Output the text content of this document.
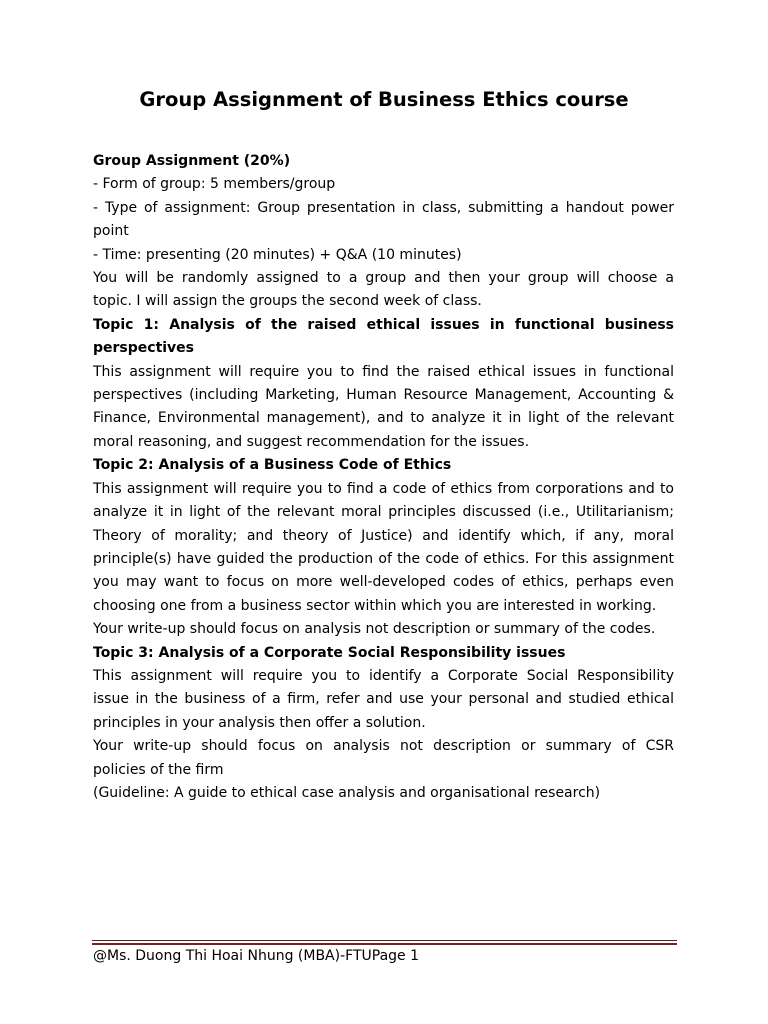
Group Assignment of Business Ethics course
Group Assignment (20%)
- Form of group: 5 members/group
- Type of assignment: Group presentation in class, submitting a handout power
point
- Time: presenting (20 minutes) + Q&A (10 minutes)
You will be randomly assigned to a group and then your group will choose a
topic. I will assign the groups the second week of class.
Topic 1: Analysis of the raised ethical issues in functional business
perspectives
This assignment will require you to find the raised ethical issues in functional
perspectives (including Marketing, Human Resource Management, Accounting &
Finance, Environmental management), and to analyze it in light of the relevant
moral reasoning, and suggest recommendation for the issues.
Topic 2: Analysis of a Business Code of Ethics
This assignment will require you to find a code of ethics from corporations and to
analyze it in light of the relevant moral principles discussed (i.e., Utilitarianism;
Theory of morality; and theory of Justice) and identify which, if any, moral
principle(s) have guided the production of the code of ethics. For this assignment
you may want to focus on more well-developed codes of ethics, perhaps even
choosing one from a business sector within which you are interested in working.
Your write-up should focus on analysis not description or summary of the codes.
Topic 3: Analysis of a Corporate Social Responsibility issues
This assignment will require you to identify a Corporate Social Responsibility
issue in the business of a firm, refer and use your personal and studied ethical
principles in your analysis then offer a solution.
Your write-up should focus on analysis not description or summary of CSR
policies of the firm
(Guideline: A guide to ethical case analysis and organisational research)
@Ms. Duong Thi Hoai Nhung (MBA)-FTUPage 1
